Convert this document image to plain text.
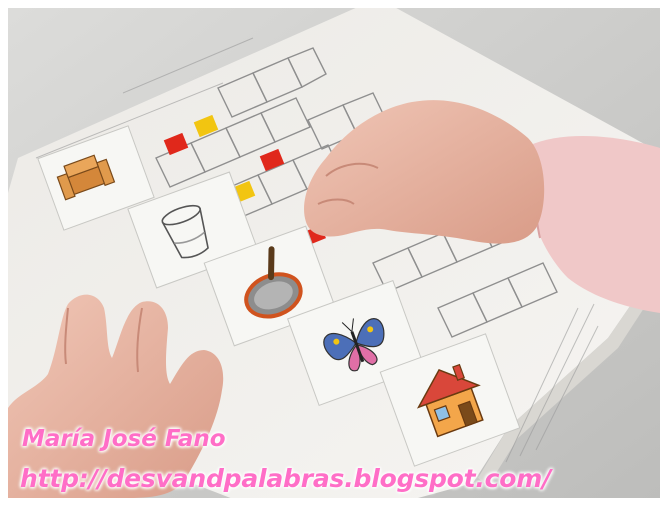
María José Fano
http://desvandpalabras.blogspot.com/
